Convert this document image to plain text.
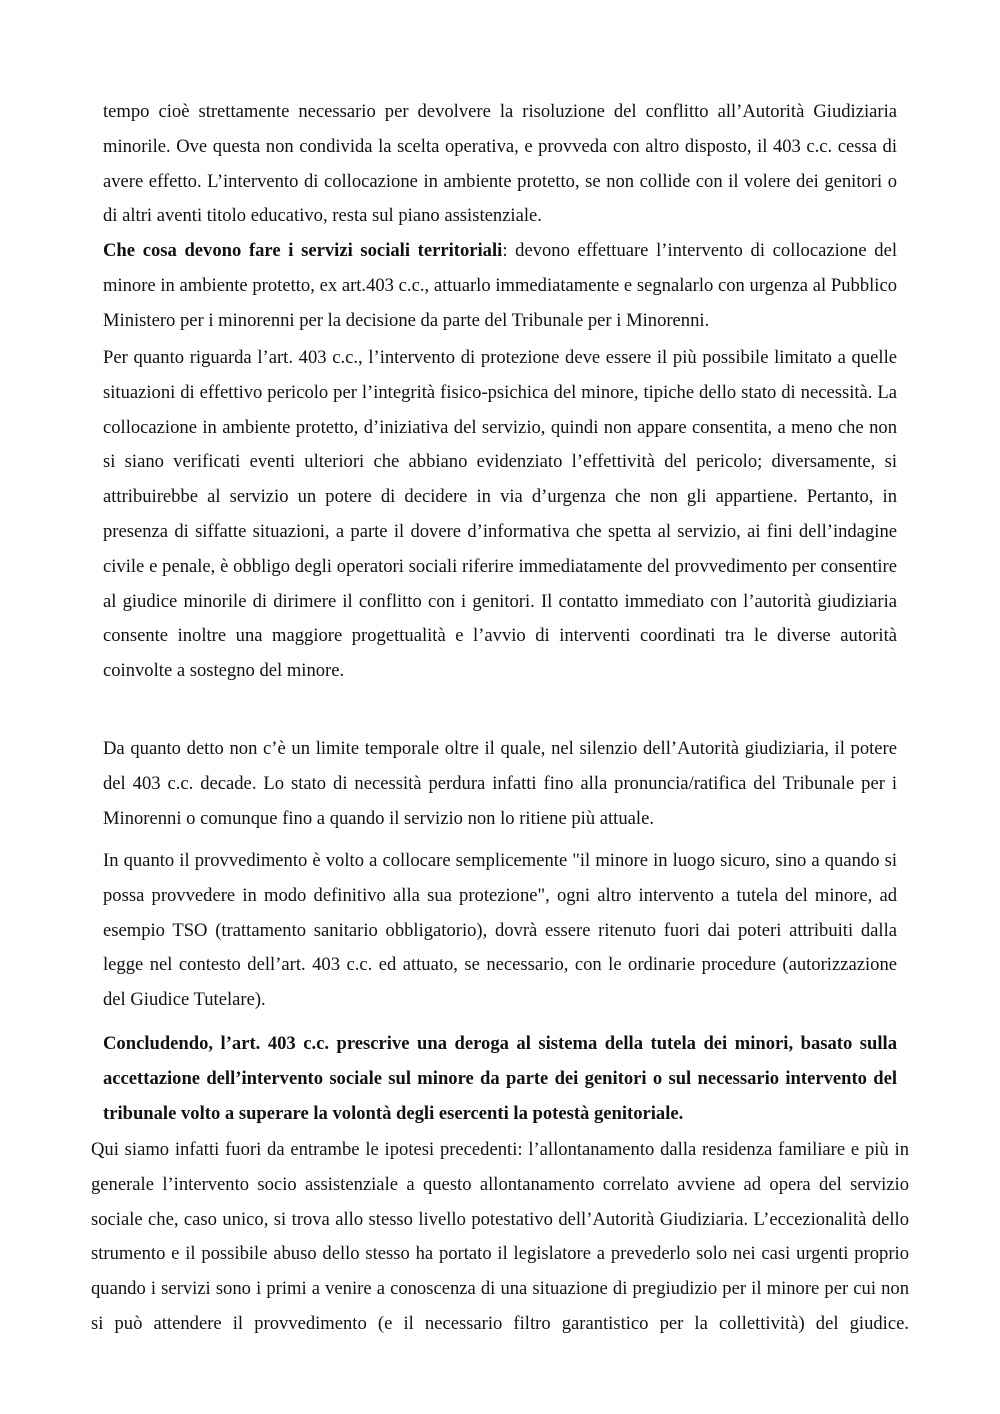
tempo cioè strettamente necessario per devolvere la risoluzione del conflitto all’Autorità Giudiziaria minorile. Ove questa non condivida la scelta operativa, e provveda con altro disposto, il 403 c.c. cessa di avere effetto. L’intervento di collocazione in ambiente protetto, se non collide con il volere dei genitori o di altri aventi titolo educativo, resta sul piano assistenziale.

Che cosa devono fare i servizi sociali territoriali: devono effettuare l’intervento di collocazione del minore in ambiente protetto, ex art.403 c.c., attuarlo immediatamente e segnalarlo con urgenza al Pubblico Ministero per i minorenni per la decisione da parte del Tribunale per i Minorenni.

Per quanto riguarda l’art. 403 c.c., l’intervento di protezione deve essere il più possibile limitato a quelle situazioni di effettivo pericolo per l’integrità fisico-psichica del minore, tipiche dello stato di necessità. La collocazione in ambiente protetto, d’iniziativa del servizio, quindi non appare consentita, a meno che non si siano verificati eventi ulteriori che abbiano evidenziato l’effettività del pericolo; diversamente, si attribuirebbe al servizio un potere di decidere in via d’urgenza che non gli appartiene. Pertanto, in presenza di siffatte situazioni, a parte il dovere d’informativa che spetta al servizio, ai fini dell’indagine civile e penale, è obbligo degli operatori sociali riferire immediatamente del provvedimento per consentire al giudice minorile di dirimere il conflitto con i genitori. Il contatto immediato con l’autorità giudiziaria consente inoltre una maggiore progettualità e l’avvio di interventi coordinati tra le diverse autorità coinvolte a sostegno del minore.

Da quanto detto non c’è un limite temporale oltre il quale, nel silenzio dell’Autorità giudiziaria, il potere del 403 c.c. decade. Lo stato di necessità perdura infatti fino alla pronuncia/ratifica del Tribunale per i Minorenni o comunque fino a quando il servizio non lo ritiene più attuale.

In quanto il provvedimento è volto a collocare semplicemente "il minore in luogo sicuro, sino a quando si possa provvedere in modo definitivo alla sua protezione", ogni altro intervento a tutela del minore, ad esempio TSO (trattamento sanitario obbligatorio), dovrà essere ritenuto fuori dai poteri attribuiti dalla legge nel contesto dell’art. 403 c.c. ed attuato, se necessario, con le ordinarie procedure (autorizzazione del Giudice Tutelare).

Concludendo, l’art. 403 c.c. prescrive una deroga al sistema della tutela dei minori, basato sulla accettazione dell’intervento sociale sul minore da parte dei genitori o sul necessario intervento del tribunale volto a superare la volontà degli esercenti la potestà genitoriale.

Qui siamo infatti fuori da entrambe le ipotesi precedenti: l’allontanamento dalla residenza familiare e più in generale l’intervento socio assistenziale a questo allontanamento correlato avviene ad opera del servizio sociale che, caso unico, si trova allo stesso livello potestativo dell’Autorità Giudiziaria. L’eccezionalità dello strumento e il possibile abuso dello stesso ha portato il legislatore a prevederlo solo nei casi urgenti proprio quando i servizi sono i primi a venire a conoscenza di una situazione di pregiudizio per il minore per cui non si può attendere il provvedimento (e il necessario filtro garantistico per la collettività) del giudice.
